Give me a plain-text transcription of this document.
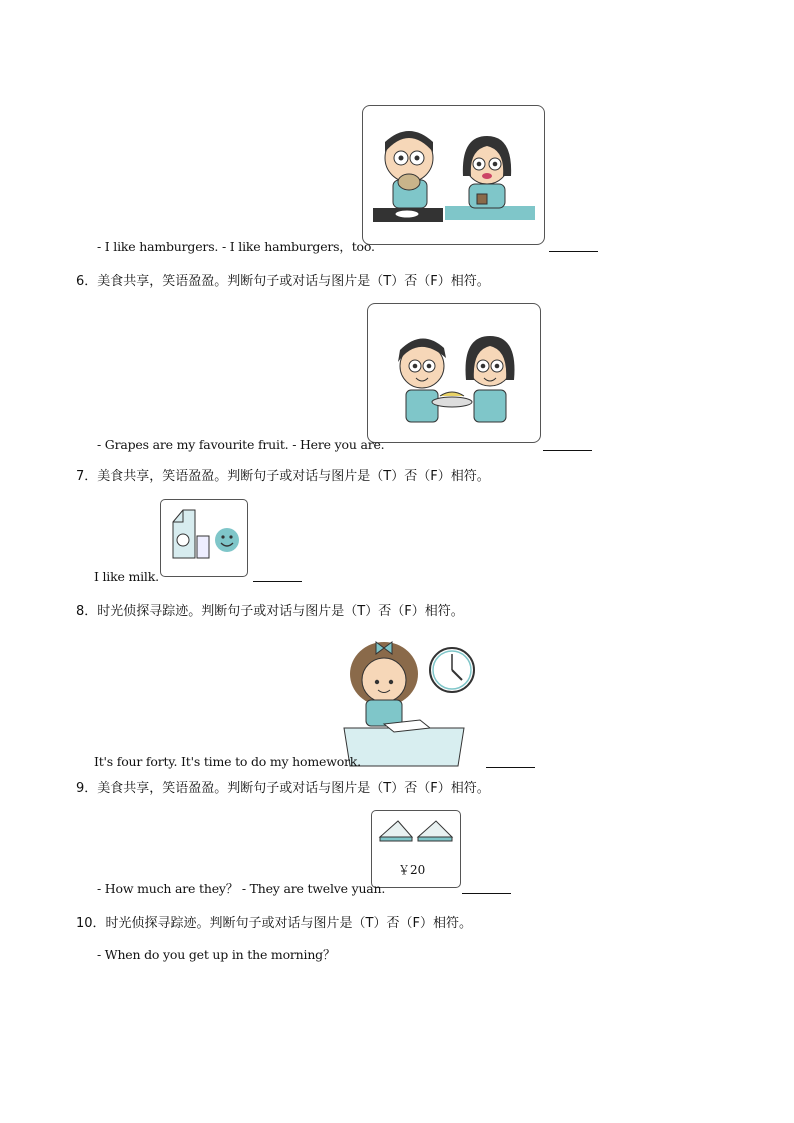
- I like hamburgers. - I like hamburgers，too.
6．美食共享，笑语盈盈。判断句子或对话与图片是（T）否（F）相符。
- Grapes are my favourite fruit. - Here you are.
7．美食共享，笑语盈盈。判断句子或对话与图片是（T）否（F）相符。
I like milk.
8．时光侦探寻踪迹。判断句子或对话与图片是（T）否（F）相符。
It's four forty. It's time to do my homework.
9．美食共享，笑语盈盈。判断句子或对话与图片是（T）否（F）相符。
￥20
- How much are they？ - They are twelve yuan.
10．时光侦探寻踪迹。判断句子或对话与图片是（T）否（F）相符。
- When do you get up in the morning？
